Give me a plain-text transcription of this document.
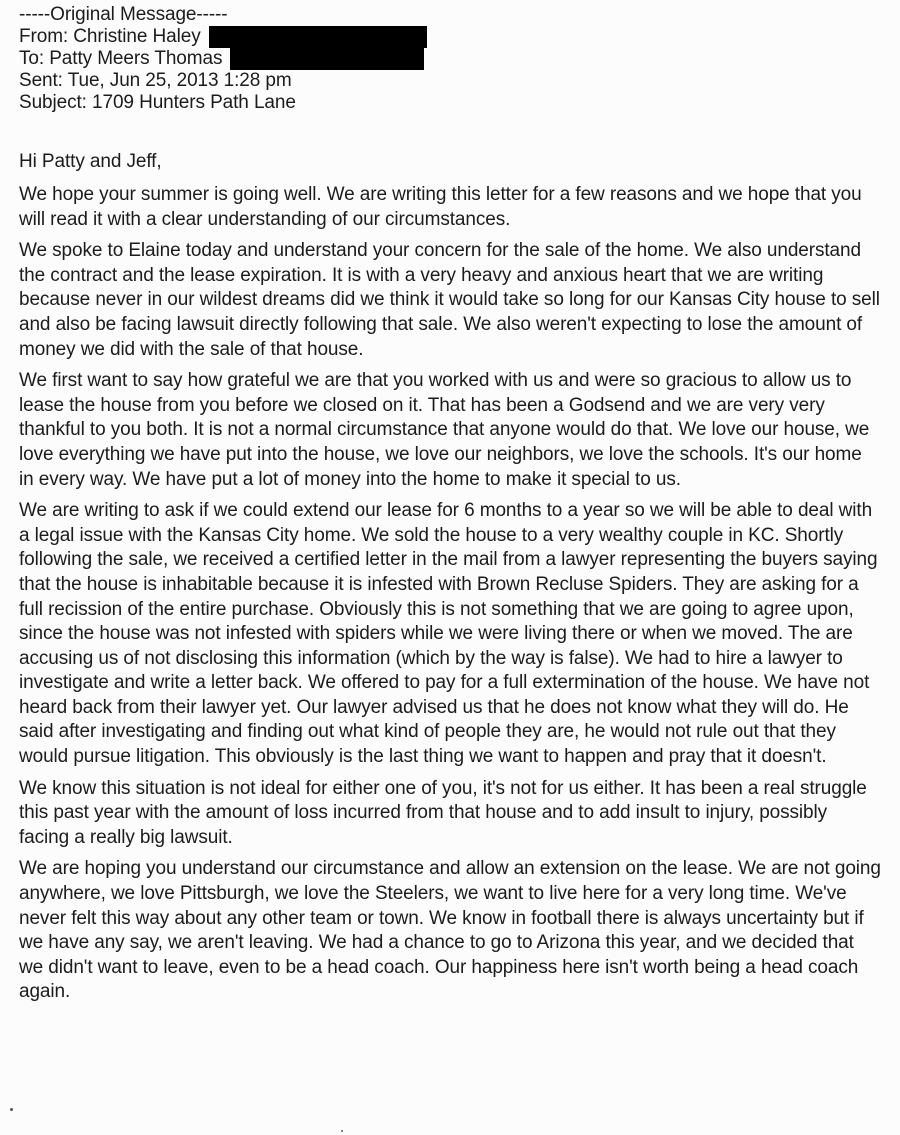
-----Original Message-----
From: Christine Haley
To: Patty Meers Thomas
Sent: Tue, Jun 25, 2013 1:28 pm
Subject: 1709 Hunters Path Lane
Hi Patty and Jeff,

We hope your summer is going well. We are writing this letter for a few reasons and we hope that you will read it with a clear understanding of our circumstances.

We spoke to Elaine today and understand your concern for the sale of the home. We also understand the contract and the lease expiration. It is with a very heavy and anxious heart that we are writing because never in our wildest dreams did we think it would take so long for our Kansas City house to sell and also be facing lawsuit directly following that sale. We also weren't expecting to lose the amount of money we did with the sale of that house.

We first want to say how grateful we are that you worked with us and were so gracious to allow us to lease the house from you before we closed on it. That has been a Godsend and we are very very thankful to you both. It is not a normal circumstance that anyone would do that. We love our house, we love everything we have put into the house, we love our neighbors, we love the schools. It's our home in every way. We have put a lot of money into the home to make it special to us.

We are writing to ask if we could extend our lease for 6 months to a year so we will be able to deal with a legal issue with the Kansas City home. We sold the house to a very wealthy couple in KC. Shortly following the sale, we received a certified letter in the mail from a lawyer representing the buyers saying that the house is inhabitable because it is infested with Brown Recluse Spiders. They are asking for a full recission of the entire purchase. Obviously this is not something that we are going to agree upon, since the house was not infested with spiders while we were living there or when we moved. The are accusing us of not disclosing this information (which by the way is false). We had to hire a lawyer to investigate and write a letter back. We offered to pay for a full extermination of the house. We have not heard back from their lawyer yet. Our lawyer advised us that he does not know what they will do. He said after investigating and finding out what kind of people they are, he would not rule out that they would pursue litigation. This obviously is the last thing we want to happen and pray that it doesn't.

We know this situation is not ideal for either one of you, it's not for us either. It has been a real struggle this past year with the amount of loss incurred from that house and to add insult to injury, possibly facing a really big lawsuit.

We are hoping you understand our circumstance and allow an extension on the lease. We are not going anywhere, we love Pittsburgh, we love the Steelers, we want to live here for a very long time. We've never felt this way about any other team or town. We know in football there is always uncertainty but if we have any say, we aren't leaving. We had a chance to go to Arizona this year, and we decided that we didn't want to leave, even to be a head coach. Our happiness here isn't worth being a head coach again.
